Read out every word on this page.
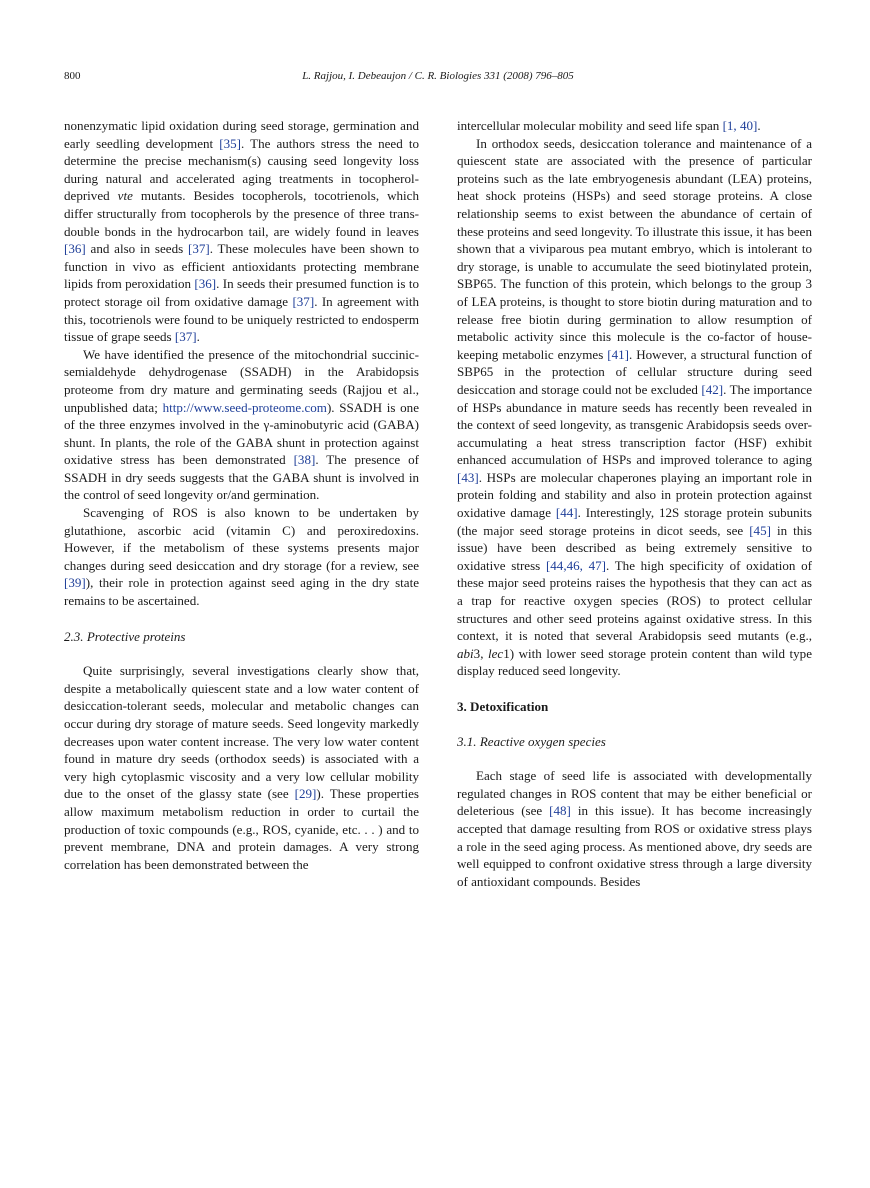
800	L. Rajjou, I. Debeaujon / C. R. Biologies 331 (2008) 796–805

nonenzymatic lipid oxidation during seed storage, germination and early seedling development [35]. The authors stress the need to determine the precise mechanism(s) causing seed longevity loss during natural and accelerated aging treatments in tocopherol-deprived vte mutants. Besides tocopherols, tocotrienols, which differ structurally from tocopherols by the presence of three trans-double bonds in the hydrocarbon tail, are widely found in leaves [36] and also in seeds [37]. These molecules have been shown to function in vivo as efficient antioxidants protecting membrane lipids from peroxidation [36]. In seeds their presumed function is to protect storage oil from oxidative damage [37]. In agreement with this, tocotrienols were found to be uniquely restricted to endosperm tissue of grape seeds [37].

We have identified the presence of the mitochondrial succinic-semialdehyde dehydrogenase (SSADH) in the Arabidopsis proteome from dry mature and germinating seeds (Rajjou et al., unpublished data; http://www.seed-proteome.com). SSADH is one of the three enzymes involved in the γ-aminobutyric acid (GABA) shunt. In plants, the role of the GABA shunt in protection against oxidative stress has been demonstrated [38]. The presence of SSADH in dry seeds suggests that the GABA shunt is involved in the control of seed longevity or/and germination.

Scavenging of ROS is also known to be undertaken by glutathione, ascorbic acid (vitamin C) and peroxiredoxins. However, if the metabolism of these systems presents major changes during seed desiccation and dry storage (for a review, see [39]), their role in protection against seed aging in the dry state remains to be ascertained.

2.3. Protective proteins

Quite surprisingly, several investigations clearly show that, despite a metabolically quiescent state and a low water content of desiccation-tolerant seeds, molecular and metabolic changes can occur during dry storage of mature seeds. Seed longevity markedly decreases upon water content increase. The very low water content found in mature dry seeds (orthodox seeds) is associated with a very high cytoplasmic viscosity and a very low cellular mobility due to the onset of the glassy state (see [29]). These properties allow maximum metabolism reduction in order to curtail the production of toxic compounds (e.g., ROS, cyanide, etc. . . ) and to prevent membrane, DNA and protein damages. A very strong correlation has been demonstrated between the

intercellular molecular mobility and seed life span [1, 40].

In orthodox seeds, desiccation tolerance and maintenance of a quiescent state are associated with the presence of particular proteins such as the late embryogenesis abundant (LEA) proteins, heat shock proteins (HSPs) and seed storage proteins. A close relationship seems to exist between the abundance of certain of these proteins and seed longevity. To illustrate this issue, it has been shown that a viviparous pea mutant embryo, which is intolerant to dry storage, is unable to accumulate the seed biotinylated protein, SBP65. The function of this protein, which belongs to the group 3 of LEA proteins, is thought to store biotin during maturation and to release free biotin during germination to allow resumption of metabolic activity since this molecule is the co-factor of house-keeping metabolic enzymes [41]. However, a structural function of SBP65 in the protection of cellular structure during seed desiccation and storage could not be excluded [42]. The importance of HSPs abundance in mature seeds has recently been revealed in the context of seed longevity, as transgenic Arabidopsis seeds over-accumulating a heat stress transcription factor (HSF) exhibit enhanced accumulation of HSPs and improved tolerance to aging [43]. HSPs are molecular chaperones playing an important role in protein folding and stability and also in protein protection against oxidative damage [44]. Interestingly, 12S storage protein subunits (the major seed storage proteins in dicot seeds, see [45] in this issue) have been described as being extremely sensitive to oxidative stress [44,46, 47]. The high specificity of oxidation of these major seed proteins raises the hypothesis that they can act as a trap for reactive oxygen species (ROS) to protect cellular structures and other seed proteins against oxidative stress. In this context, it is noted that several Arabidopsis seed mutants (e.g., abi3, lec1) with lower seed storage protein content than wild type display reduced seed longevity.

3. Detoxification
3.1. Reactive oxygen species

Each stage of seed life is associated with developmentally regulated changes in ROS content that may be either beneficial or deleterious (see [48] in this issue). It has become increasingly accepted that damage resulting from ROS or oxidative stress plays a role in the seed aging process. As mentioned above, dry seeds are well equipped to confront oxidative stress through a large diversity of antioxidant compounds. Besides
